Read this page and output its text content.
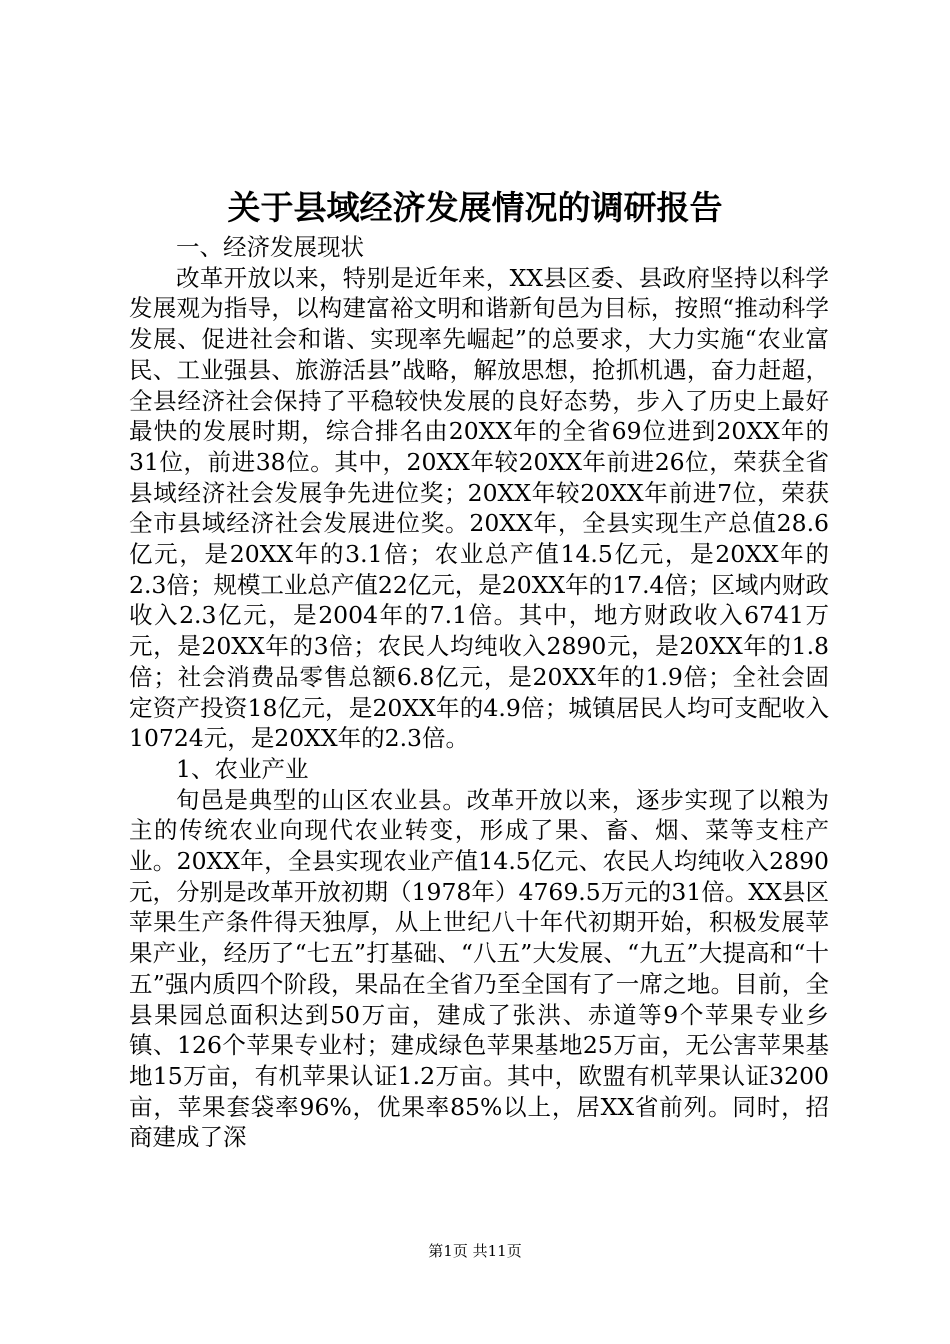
关于县域经济发展情况的调研报告

一、经济发展现状

改革开放以来，特别是近年来，XX县区委、县政府坚持以科学发展观为指导，以构建富裕文明和谐新旬邑为目标，按照“推动科学发展、促进社会和谐、实现率先崛起”的总要求，大力实施“农业富民、工业强县、旅游活县”战略，解放思想，抢抓机遇，奋力赶超，全县经济社会保持了平稳较快发展的良好态势，步入了历史上最好最快的发展时期，综合排名由20XX年的全省69位进到20XX年的31位，前进38位。其中，20XX年较20XX年前进26位，荣获全省县域经济社会发展争先进位奖；20XX年较20XX年前进7位，荣获全市县域经济社会发展进位奖。20XX年，全县实现生产总值28.6亿元，是20XX年的3.1倍；农业总产值14.5亿元，是20XX年的2.3倍；规模工业总产值22亿元，是20XX年的17.4倍；区域内财政收入2.3亿元，是2004年的7.1倍。其中，地方财政收入6741万元，是20XX年的3倍；农民人均纯收入2890元，是20XX年的1.8倍；社会消费品零售总额6.8亿元，是20XX年的1.9倍；全社会固定资产投资18亿元，是20XX年的4.9倍；城镇居民人均可支配收入10724元，是20XX年的2.3倍。

1、农业产业

旬邑是典型的山区农业县。改革开放以来，逐步实现了以粮为主的传统农业向现代农业转变，形成了果、畜、烟、菜等支柱产业。20XX年，全县实现农业产值14.5亿元、农民人均纯收入2890元，分别是改革开放初期（1978年）4769.5万元的31倍。XX县区苹果生产条件得天独厚，从上世纪八十年代初期开始，积极发展苹果产业，经历了“七五”打基础、“八五”大发展、“九五”大提高和“十五”强内质四个阶段，果品在全省乃至全国有了一席之地。目前，全县果园总面积达到50万亩，建成了张洪、赤道等9个苹果专业乡镇、126个苹果专业村；建成绿色苹果基地25万亩，无公害苹果基地15万亩，有机苹果认证1.2万亩。其中，欧盟有机苹果认证3200亩，苹果套袋率96%，优果率85%以上，居XX省前列。同时，招商建成了深

第1页 共11页
